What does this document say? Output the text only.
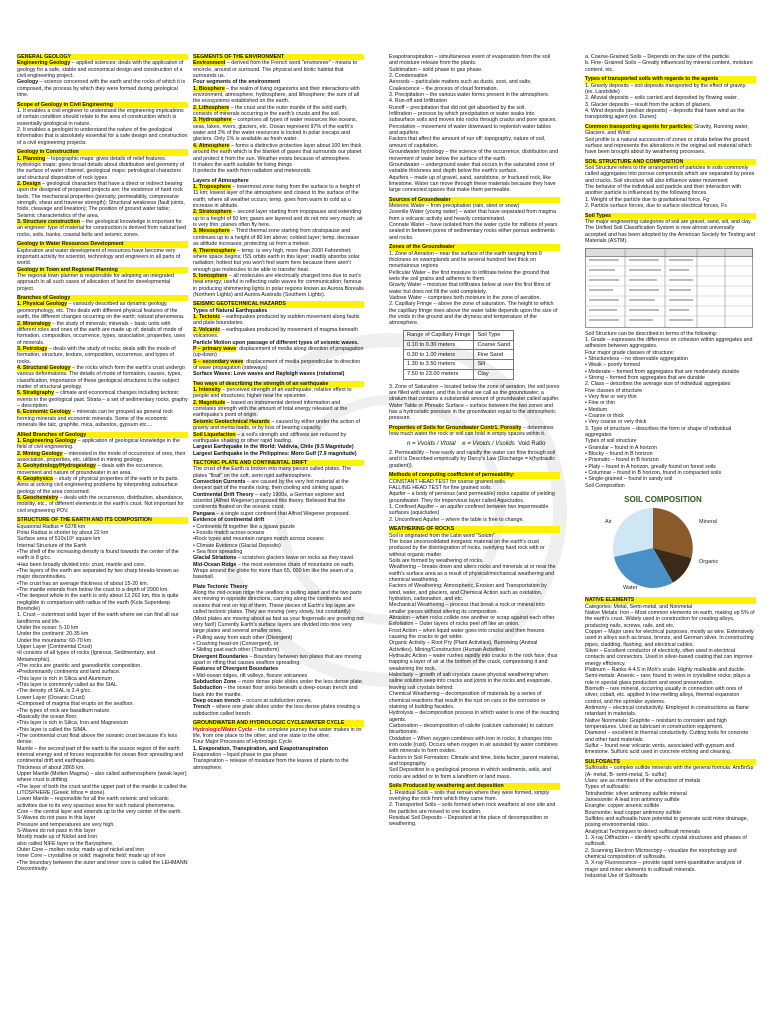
GENERAL GEOLOGY
Engineering Geology – applied sciences; deals with the application of geology for a safe, stable and economical design and construction of a civil engineering project.
Geology – science concerned with the earth and the rocks of which it is composed, the process by which they were formed during geological time.

Scope of Geology in Civil Engineering
1. It enables a civil engineer to understand the engineering implications of certain condition should relate to the area of construction which is essentially geological in nature.
2. It enables a geologist to understand the nature of the geological information that is absolutely essential for a safe design and construction of a civil engineering projects.

Geology in Construction
1. Planning – topographic maps: gives details of relief features. hydrologic maps: gives broad details about distribution and geometry of the surface of water channel. geological maps: petrological characters and structural disposition of rock types
2. Design – geological characters that have a direct or indirect bearing upon the designed of proposed projects are; the existence of hard rock beds. The mechanical properties (porosity, permeability, compressive strength, shear and traverse strength); Structural weakness (fault joints, folds, cleavage and lineation); The position of ground water table; Seismic characteristics of the area.
3. Structure construction – the geological knowledge is important for an engineer: type of material for construction is derived from natural bed rocks, soils, banks, coastal belts and seismic zones.

Geology in Water Resources Development
Exploration and water development of resources have become very important activity for scientist, technology and engineers in all parts of world.

Geology in Town and Regional Planning
The regional town planner is responsible for adopting an integrated approach in all such cases of allocation of land for developmental project.

Branches of Geology
1. Physical Geology – variously described as dynamic geology, geomorphology, etc. This deals with different physical features of the earth, the different changes occurring on the earth; natural phenomena.
2. Mineralogy – the study of minerals; minerals – basic units with different roles and ones of the earth are made up of; details of mode of formation, composition, occurrence, types, association, properties, uses of minerals.
3. Petrology – deals with the study of rocks; deals with the mode of formation, structure, texture, composition, occurrence, and types of rocks.
4. Structural Geology – the rocks which form the earth's crust undergo various deformations. The details of mode of formation, causes, types, classification, importance of these geological structures is the subject matter of structural geology.
5. Stratigraphy – climate and economical changes including tectonic events in the geological past. Strata – a set of sedimentary rocks, graphy – description.
6. Economic Geology – minerals can be grouped as general rock forming minerals and economic minerals. Some of the economic minerals like talc, graphite, mica, asbestos, gypsum etc....

Allied Branches of Geology
1. Engineering Geology – application of geological knowledge in the field of civil engineering.
2. Mining Geology – interested in the mode of occurrence of ores, their association, properties, etc. utilized in mining geology.
3. Geohydrology/Hydrogeology – deals with the occurrence, movement and nature of groundwater in an area.
4. Geophysics – study of physical properties of the earth or its parts. Aims at solving civil engineering problems by interpreting subsurface geology of the area concerned.
5. Geochemistry – deals with the occurrence, distribution, abundance, mobility, etc., of different elements in the earth's crust. Not important for civil engineering POV.

STRUCTURE OF THE EARTH AND ITS COMPOSITION
Equatorial Radius = 6378 km
Polar Radius is shorter by about 22 km
Surface area of 510x10⁶ square km
Internal Structure of the Earth
•The shell of the increasing density is found towards the center of the earth is 8 g/cc.
•Has been broadly divided into: crust, mantle and core.
•The layers of the earth are separated by two sharp breaks known as major discontinuities.
•The crust has an average thickness of about 15-20 km.
•The mantle extends from below the crust to a depth of 2900 km.
•The deepest whole in the earth is only about 12.262 km, this is quite negligible in comparison with radius of the earth (Kola Superdeep Borehole)
1. Crust – outermost solid layer of the earth where we can find all our landforms and life.
Under the ocean: 5-10 km
Under the continent: 20-35 km
Under the mountains: 60-70 km
Upper Layer (Continental Crust)
•It consists of all types of rocks (Igneous, Sedimentary, and Metamorphic).
•The rocks are granitic and granodioritic composition.
•Predominantly continents and land surface.
•This layer is rich in Silica and Aluminum
•This layer is commonly called as the SIAL.
•The density of SIAL is 2.4 g/cc.
Lower Layer (Oceanic Crust)
•Composed of magma that erupts on the seafloor.
•The types of rock are basaltium nature.
•Basically the ocean floor.
•This layer is rich in Silica, Iron and Magnesium
•This layer is called the SIMA.
•The continental crust float above the oceanic crust because it's less dense.
Mantle – the second part of the earth is the source region of the earth internal energy and of forces responsible for ocean floor spreading and continental drift and earthquakes.
Thickness of about 2865 km.
Upper Mantle (Molten Magma) – also called asthenosphere (weak layer) where crust is drifting.
•The layer of both the crust and the upper part of the mantle is called the LITOSPHERE (Greek: lithos = stone).
Lower Mantle – responsible for all the earth seismic and volcanic activities due to its very spacious area for such natural phenomena.
Core – the central layer and extends up to the very center of the earth.
S-Waves do not pass in this layer
Pressure and temperatures are very high.
S-Waves do not pass in this layer
Mostly made up of Nickel and Iron
also called NIFE layer or the Barysphere.
Outer Core – molten rocks; made up of nickel and iron
Inner Core – crystalline or solid; magnetic field; made up of iron
•The boundary between the outer and inner core is called the LEHMANN Discontinuity.

SEGMENTS OF THE ENVIRONMENT
Environment – derived from the French word "environner" - means to encircle, around or surround. The physical and biotic habitat that surrounds us.
Four segments of the environment
1. Biosphere – the realm of living organisms and their interactions with environment, atmosphere, hydrosphere, and lithosphere; the sum of all the ecosystems established on the earth.
2. Lithosphere – the crust and the outer mantle of the solid earth, consists of minerals occurring in the earth's crusts and the soil.
3. Hydrosphere – comprises all types of water resources like oceans, seas, lakes, rivers, glaciers, etc. Ocean represent 97% of the earth's water and 2% of the water resources is locked in polar icecaps and glaciers. Only 1% is available as fresh water.
4. Atmosphere – forms a distinctive protective layer about 100 km thick around the earth which is the blanket of gases that surrounds our planet and protect it from the sun. Weather exists because of atmosphere.
It makes the earth suitable for living things
It protects the earth from radiation and meteoroids

Layers of Atmosphere
1. Troposphere – lowermost zone rising from the surface to a height of 11 km; lowest layer of the atmosphere and closest to the surface of the earth; where all weather occurs; temp. goes from warm to cold as u increase in altitude.
2. Stratosphere – second layer starting from tropopause and extending up to a height of 50 km; gases are layered and do not mix very much; air is very thin; planes often fly here.
3. Mesosphere – Third thermal zone starting from stratopause and continues up to a height of 80 km above; coldest layer; temp. decrease as altitude increases; protecting us from a meteor.
4. Thermosphere – temp. is very high, more than 2000 Fahrenheit; where space begins; ISS orbits earth in this layer; readily absorbs solar radiation; hottest but you won't feel warm here because there aren't enough gas molecules to be able to transfer heat.
5. Ionosphere – all molecules are electrically charged ions due to sun's heat energy; useful in reflecting radio waves for communication; famous in producing shimmering lights in polar regions known as Aurora Borealis (Northern Lights) and Aurora Australis (Southern Lights).

SEISMIC GEOTECHNICAL HAZARDS
Types of Natural Earthquakes
1. Tectonic – earthquakes produced by sudden movement along faults and plate boundaries.
2. Volcanic – earthquakes produced by movement of magma beneath volcanoes.
Particle Motion upon passage of different types of seismic waves.
P – primary wave: displacement of media along direction of propagation (up-down)
S – secondary wave: displacement of media perpendicular to direction of wave propagation (sideways)
Surface Waves: Love waves and Rayleigh waves (rotational)

Two ways of describing the strength of an earthquake
1. Intensity – perceived strength of an earthquake; relative effect to people and structures; higher near the epicenter.
2. Magnitude – based on instrumental derived information and correlates strength with the amount of total energy released at the earthquake's point of origin.
Seismic Geotechnical Hazards – caused by either under the action of gravity and inertia loads, or by loss of bearing capacity.
Soil Liquefaction – a soil's strength and stiffness are reduced by earthquake shaking or other rapid loading.
Largest Earthquake in the World: Valdivia, Chile (9.5 Magnitude)
Largest Earthquake in the Philippines: Moro Gulf (7.9 magnitude)

TECTONIC PLATE AND CONTINENTAL DRIFT
The crust of the Earth is broken into many pieces called plates. The plates "float" on the soft, semi rigid asthenosphere.
Convection Currents – are caused by the very hot material at the deepest part of the mantle rising, then cooling and sinking again.
Continental Drift Theory – early 1900s, a German explorer and scientist (Alfred Wegener) proposed this theory. Believed that the continents floated on the oceanic crust.
Pangaea – a single super continent that Alfred Wegener proposed.
Evidence of continental drift
• Continents fit together like a jigsaw puzzle
• Fossils match across oceans
•Rock types and mountain ranges match across oceans
• Climate Evidence (Glacial Deposits)
• Sea floor spreading
Glacial Striations – scratches glaciers leave on rocks as they travel.
Mid-Ocean Ridge – the most extensive chain of mountains on earth. Wraps around the globe for more than 65, 000 km like the seam of a baseball.

Plate Tectonic Theory
Along the mid-ocean ridge the seafloor is pulling apart and the two parts are moving in opposite directions, carrying along the continents and oceans that rest on top of them. These pieces of Earth's top layer are called tectonic plates. They are moving (very slowly, but constantly) (Most plates are moving about as fast as your fingernails are growing not very fast!) Currently Earth's surface layers are divided into nine very large plates and several smaller ones.
• Pulling away from each other (Divergent)
• Crashing head-on (Convergent), or
• Sliding past each other (Transform)
Divergent Boundaries – Boundary between two plates that are moving apart or rifting that causes seafloor spreading.
Features of Divergent Boundaries
• Mid-ocean ridges, rift valleys, fissure volcanoes
Subduction Zone – more dense plate slides under the less dense plate.
Subduction – the ocean floor sinks beneath a deep-ocean trench and back into the mantle.
Deep ocean trench – occurs at subduction zones.
Trench – where one plate slides under the less dense plates creating a subduction called trench.

GROUNDWATER AND HYDROLOGIC CYCLE/WATER CYCLE
Hydrologic/Water Cycle – the complete journey that water makes in its life, from one place to the other, and one state to the other.
Four Major Processes of Hydrologic Cycle
1. Evaporation, Transpiration, and Evapotranspiration
Evaporation – liquid phase to gas phase
Transpiration – release of moisture from the leaves of plants to the atmosphere.

Evapotranspiration – simultaneous event of evaporation from the soil and moisture release from the plants.
Sublimation – solid phase to gas phase.
2. Condensation
Aerosols – particulate matters such as dusts, soot, and salts.
Coalescence – the process of cloud formation.
3. Precipitation – the various water forms present in the atmosphere.
4. Run-off and Infiltration
Runoff – precipitation that did not get absorbed by the soil.
Infiltration – process by which precipitation or water soaks into subsurface soils and moves into rocks through cracks and pore spaces.
Percolation – movement of water downward to replenish water tables and aquifers.
Factors that affect the amount of run off: topography, nature of soil, amount of capitation.
Groundwater hydrology – the science of the occurrence, distribution and movement of water below the surface of the earth.
Groundwater – underground water that occurs in the saturated zone of variable thickness and depth below the earth's surface.
Aquifers – made up of gravel, sand, sandstone, or fractured rock, like limestone. Water can move through these materials because they have large connected spaces that make them permeable.

Sources of Groundwater
Meteoric Water – from precipitation (rain, sleet or snow)
Juvenile Water (young water) – water that have separated from magma from a volcanic activity and heavily contaminated.
Connate Water – have isolated from the water cycle for millions of years sealed in between pores of sedimentary rocks either porous sediments and rocks.

Zones of the Groundwater
1. Zone of Aeration – near the surface of the earth ranging from 0 thickness on swamplands and lie several hundred feet thick on mountainous regions
Pellicular Water – the first moisture to infiltrate below the ground that wets the soil grains and adheres to them.
Gravity Water – moisture that infiltrates below at over the first films of water but does not fill the void completely.
Vadose Water – comprises both moisture in the zone of aeration.
2. Capillary Fringe – above the zone of saturation. The height to which the capillary fringe rises above the water table depends upon the size of the voids in the ground and the dryness and temperature of the atmosphere.

Range of Capillary Fringe	Soil Type
0.10 to 0.30 meters	Coarse Sand
0.30 to 1.00 meters	Fine Sand
1.30 to 3.50 meters	Silt
7.50 to 23.00 meters	Clay

3. Zone of Saturation – located below the zone of aeration, the soil pores are filled with water, and this is what we call as the groundwater; a stratum that contains a substantial amount of groundwater called aquifer.
Water Table or Phreatic Surface – surface between the two zones and has a hydrostatic pressure in the groundwater equal to the atmospheric pressure.

Properties of Soils for Groundwater Contr1. Porosity – determines how much water the rock or soil can hold in empty spaces within it.

n = Vvoids / Vtotal e = Vvoids / Vsolids Void Ratio

2. Permeability – how easily and rapidly the water can flow through soil and it is Described empirically by Darcy's Law (Discharge = k(hydraulic gradient)).

Methods of computing coefficient of permeability:
CONSTANT HEAD TEST for coarse grained soils.
FALLING HEAD TEST for fine grained soils.
Aquifer – a body of pervious (and permeable) rocks capable of yielding groundwater. They for impervious layer called Aquicludes.
1. Confined Aquifer – an aquifer confined between two impermeable surfaces (aquicludes)
2. Unconfined Aquifer – where the table is free to change.

WEATHERING OF ROCKS
Soil is originated from the Latin word "Solum"
The loose unconsolidated inorganic material on the earth's crust produced by the disintegration of rocks, overlying hard rock with or without organic matter.
Soils are formed by weathering of rocks.
Weathering – breaks down and alters rocks and minerals at or near the earth's surface area as a result of physical/mechanical weathering and chemical weathering.
Factors of Weathering: Atmospheric, Erosion and Transportation by wind, water, and glaciers, and Chemical Action such as oxidation, hydration, carbonation, and etc.
Mechanical Weathering – process that break a rock or mineral into smaller pieces without altering its composition.
Abrasion – when rocks collide one another or scrap against each other.
Exfoliation – Outer layers of rocks peel off like an onion.
Frost Action – when liquid water goes into cracks and then freezes causing the cracks to get wider.
Organic Activity – Root Pry (Plant Activities), Burrowing (Animal Activities), Mining/Construction (Human Activities)
Hydraulic Action – water rushes rapidly into cracks in the rock face, thus trapping a layer of air at the bottom of the crack, compressing it and weakening the rock.
Haloclasty – growth of salt crystals cause physical weathering when saline solution seep into cracks and joints in the rocks and evaporate, leaving salt crystals behind.
Chemical Weathering – decomposition of materials by a series of chemical reactions that result in the rust on cars or the corrosion or staining of building facades.
Hydrolysis – decomposition process in which water is one of the reacting agents.
Carbonation – decomposition of calcite (calcium carbonate) to calcium bicarbonate.
Oxidation – When oxygen combines with iron in rocks, it changes into iron oxide (rust). Occurs when oxygen in air assisted by water combines with minerals to form oxides.
Factors in Soil Formation: Climate and time, biota factor, parent material, and topography
Soil Deposition is a geological process in which sediments, soils, and rocks are added or to form a landform or land mass.

Soils Produced by weathering and deposition
1. Residual Soils – soils that remain where they were formed, simply overlying the rock from which they came from.
2. Transported Soils – soils formed when rock weathers at one site and the particles are moved to one location.
Residual Soil Deposits – Deposited at the place of decomposition or weathering.

a. Coarse-Grained Soils – Depends on the size of the particle.
b. Fine- Grained Soils – Greatly influenced by mineral content, moisture content, etc.

Types of transported soils with regards to the agents
1. Gravity deposits – soil deposits transported by the effect of gravity. (ex. Landslide)
2. Alluvial deposits – soils carried and deposited by flowing water.
3. Glacier deposits – result from the action of glaciers.
4. Wind deposits (aeolian deposits) – deposits that have wind as the transporting agent (ex. Dunes)

Common transporting agents for particles: Gravity, Running water, Glaciers, and Wind
Soil profile is a natural succession of zones or strata below the ground surface and represents the alterations in the original soil material which have been brought about by weathering processes.

SOIL STRUCTURE AND COMPOSITION
Soil Structure refers to the arrangement of particles in soils commonly called aggregates into porous compounds which are separated by pores and cracks. Soil structure will also influence water movement
The behavior of the individual soil particle and their interaction with another particle is influenced by the following forces.
1. Weight of the particle due to gravitational force, Fg
2. Particle surface forces, due to surface electrical forces, Fs

Soil Types
The major engineering categories of soil are gravel, sand, silt, and clay.
The Unified Soil Classification System is now almost universally accepted and has been adopted by the American Society for Testing and Materials (ASTM).

Soil Structure can be described in terms of the following:
1. Grade – expresses the difference on cohesion within aggregates and adhesion between aggregates.
Four major grade classes of structure:
• Structureless – no observable aggregation
• Weak – poorly formed
• Moderate – formed from aggregates that are moderately durable
• Strong – formed from aggregates that are durable
2. Class – describes the average size of individual aggregates
Five classes of structure
• Very fine or very thin
• Fine or thin
• Medium
• Coarse or thick
• Very coarse or very thick
3. Type of structure – describes the form or shape of individual aggregates
Types of soil structure
• Granular – found in A horizon
• Blocky – found in B horizon
• Prismatic – found in B horizon
• Platy – found in A horizon, greatly found on forest soils
• Columnar – found in B horizon, found in compacted soils
• Single-grained – found in sandy soil
Soil Composition

SOIL COMPOSITION
Mineral
Organic
Water
Air

NATIVE ELEMENTS
Categories: Metal, Semi-metal, and Nonmetal
Native Metals: Iron – Most common elements on earth, making up 5% of the earth's crust. Widely used in construction for creating alloys, producing nails, screws, rails, and etc.
Copper – Major uses for electrical purposes, mostly as wire. Extensively used in alloys such as brass, bronze, and German silver. In constructing pipes, cladding, flashing, and electrical cables.
Silver – Excellent conductor of electricity, often used in electrical contacts and connectors. Used in silver-based coating that can improve energy efficiency.
Platinum – Ranks 4-4.5 in Moh's scale. Highly malleable and ductile.
Semi-metals: Arsenic – rare; found in veins in crystalline rocks; plays a role in special glass production and wood preservation.
Bismuth – rare mineral, occurring usually in connection with ores of silver, cobalt, etc. applied in low-melting alloys, thermal expansion control, and fire sprinkler systems.
Antimony – electrical conductivity. Employed in constructions as flame retardant in materials.
Native Nonmetals: Graphite – resistant to corrosion and high temperatures. Used as lubricant in construction equipment.
Diamond – excellent in thermal conductivity. Cutting tools for concrete and other hard materials.
Sulfur – found near volcanic vents, associated with gypsum and limestone. Sulfuric acid used in concrete etching and cleaning.

SULFOSALTS
Sulfosalts – complex sulfide minerals with the general formula: AmBnSp (A- metal, B- semi-metal, S- sulfur)
Uses: are as members of the extraction of metals
Types of sulfosalts:
Tetrahedrite: silver antimony sulfide mineral
Jamesonite: A lead iron antimony sulfide
Enargite: copper arsenic sulfide
Bournonite: lead copper antimony sulfide
Sulfides and sulfosalts have potential to generate acid mine drainage, posing environmental risks.
Analytical Techniques to detect sulfosalt minerals
1. X-ray Diffraction – identify specific crystal structures and phases of sulfosalt.
2. Scanning Electron Microscopy – visualize the morphology and chemical composition of sulfosalts.
3. X-ray Fluorescence – provide rapid semi-quantitative analysis of major and minor elements in sulfosalt minerals.
Industrial Use of Sulfosalts
